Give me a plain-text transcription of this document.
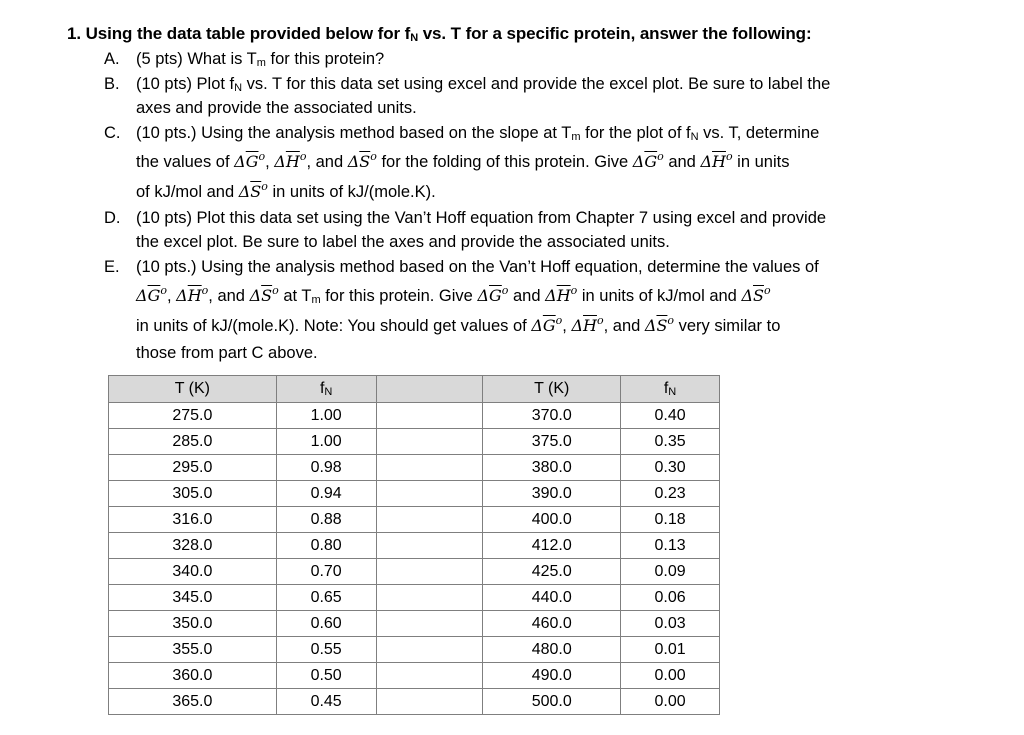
1. Using the data table provided below for $f_N$ vs. T for a specific protein, answer the following:
A. (5 pts) What is $T_m$ for this protein?
B. (10 pts) Plot $f_N$ vs. T for this data set using excel and provide the excel plot. Be sure to label the
axes and provide the associated units.
C. (10 pts.) Using the analysis method based on the slope at $T_m$ for the plot of $f_N$ vs. T, determine
the values of $\Delta\overline{G}^o$, $\Delta\overline{H}^o$, and $\Delta\overline{S}^o$ for the folding of this protein. Give $\Delta\overline{G}^o$ and $\Delta\overline{H}^o$ in units
of kJ/mol and $\Delta\overline{S}^o$ in units of kJ/(mole.K).
D. (10 pts) Plot this data set using the Van’t Hoff equation from Chapter 7 using excel and provide
the excel plot. Be sure to label the axes and provide the associated units.
E. (10 pts.) Using the analysis method based on the Van’t Hoff equation, determine the values of
$\Delta\overline{G}^o$, $\Delta\overline{H}^o$, and $\Delta\overline{S}^o$ at $T_m$ for this protein. Give $\Delta\overline{G}^o$ and $\Delta\overline{H}^o$ in units of kJ/mol and $\Delta\overline{S}^o$
in units of kJ/(mole.K). Note: You should get values of $\Delta\overline{G}^o$, $\Delta\overline{H}^o$, and $\Delta\overline{S}^o$ very similar to
those from part C above.
T (K)	$f_N$		T (K)	$f_N$
275.0	1.00		370.0	0.40
285.0	1.00		375.0	0.35
295.0	0.98		380.0	0.30
305.0	0.94		390.0	0.23
316.0	0.88		400.0	0.18
328.0	0.80		412.0	0.13
340.0	0.70		425.0	0.09
345.0	0.65		440.0	0.06
350.0	0.60		460.0	0.03
355.0	0.55		480.0	0.01
360.0	0.50		490.0	0.00
365.0	0.45		500.0	0.00
